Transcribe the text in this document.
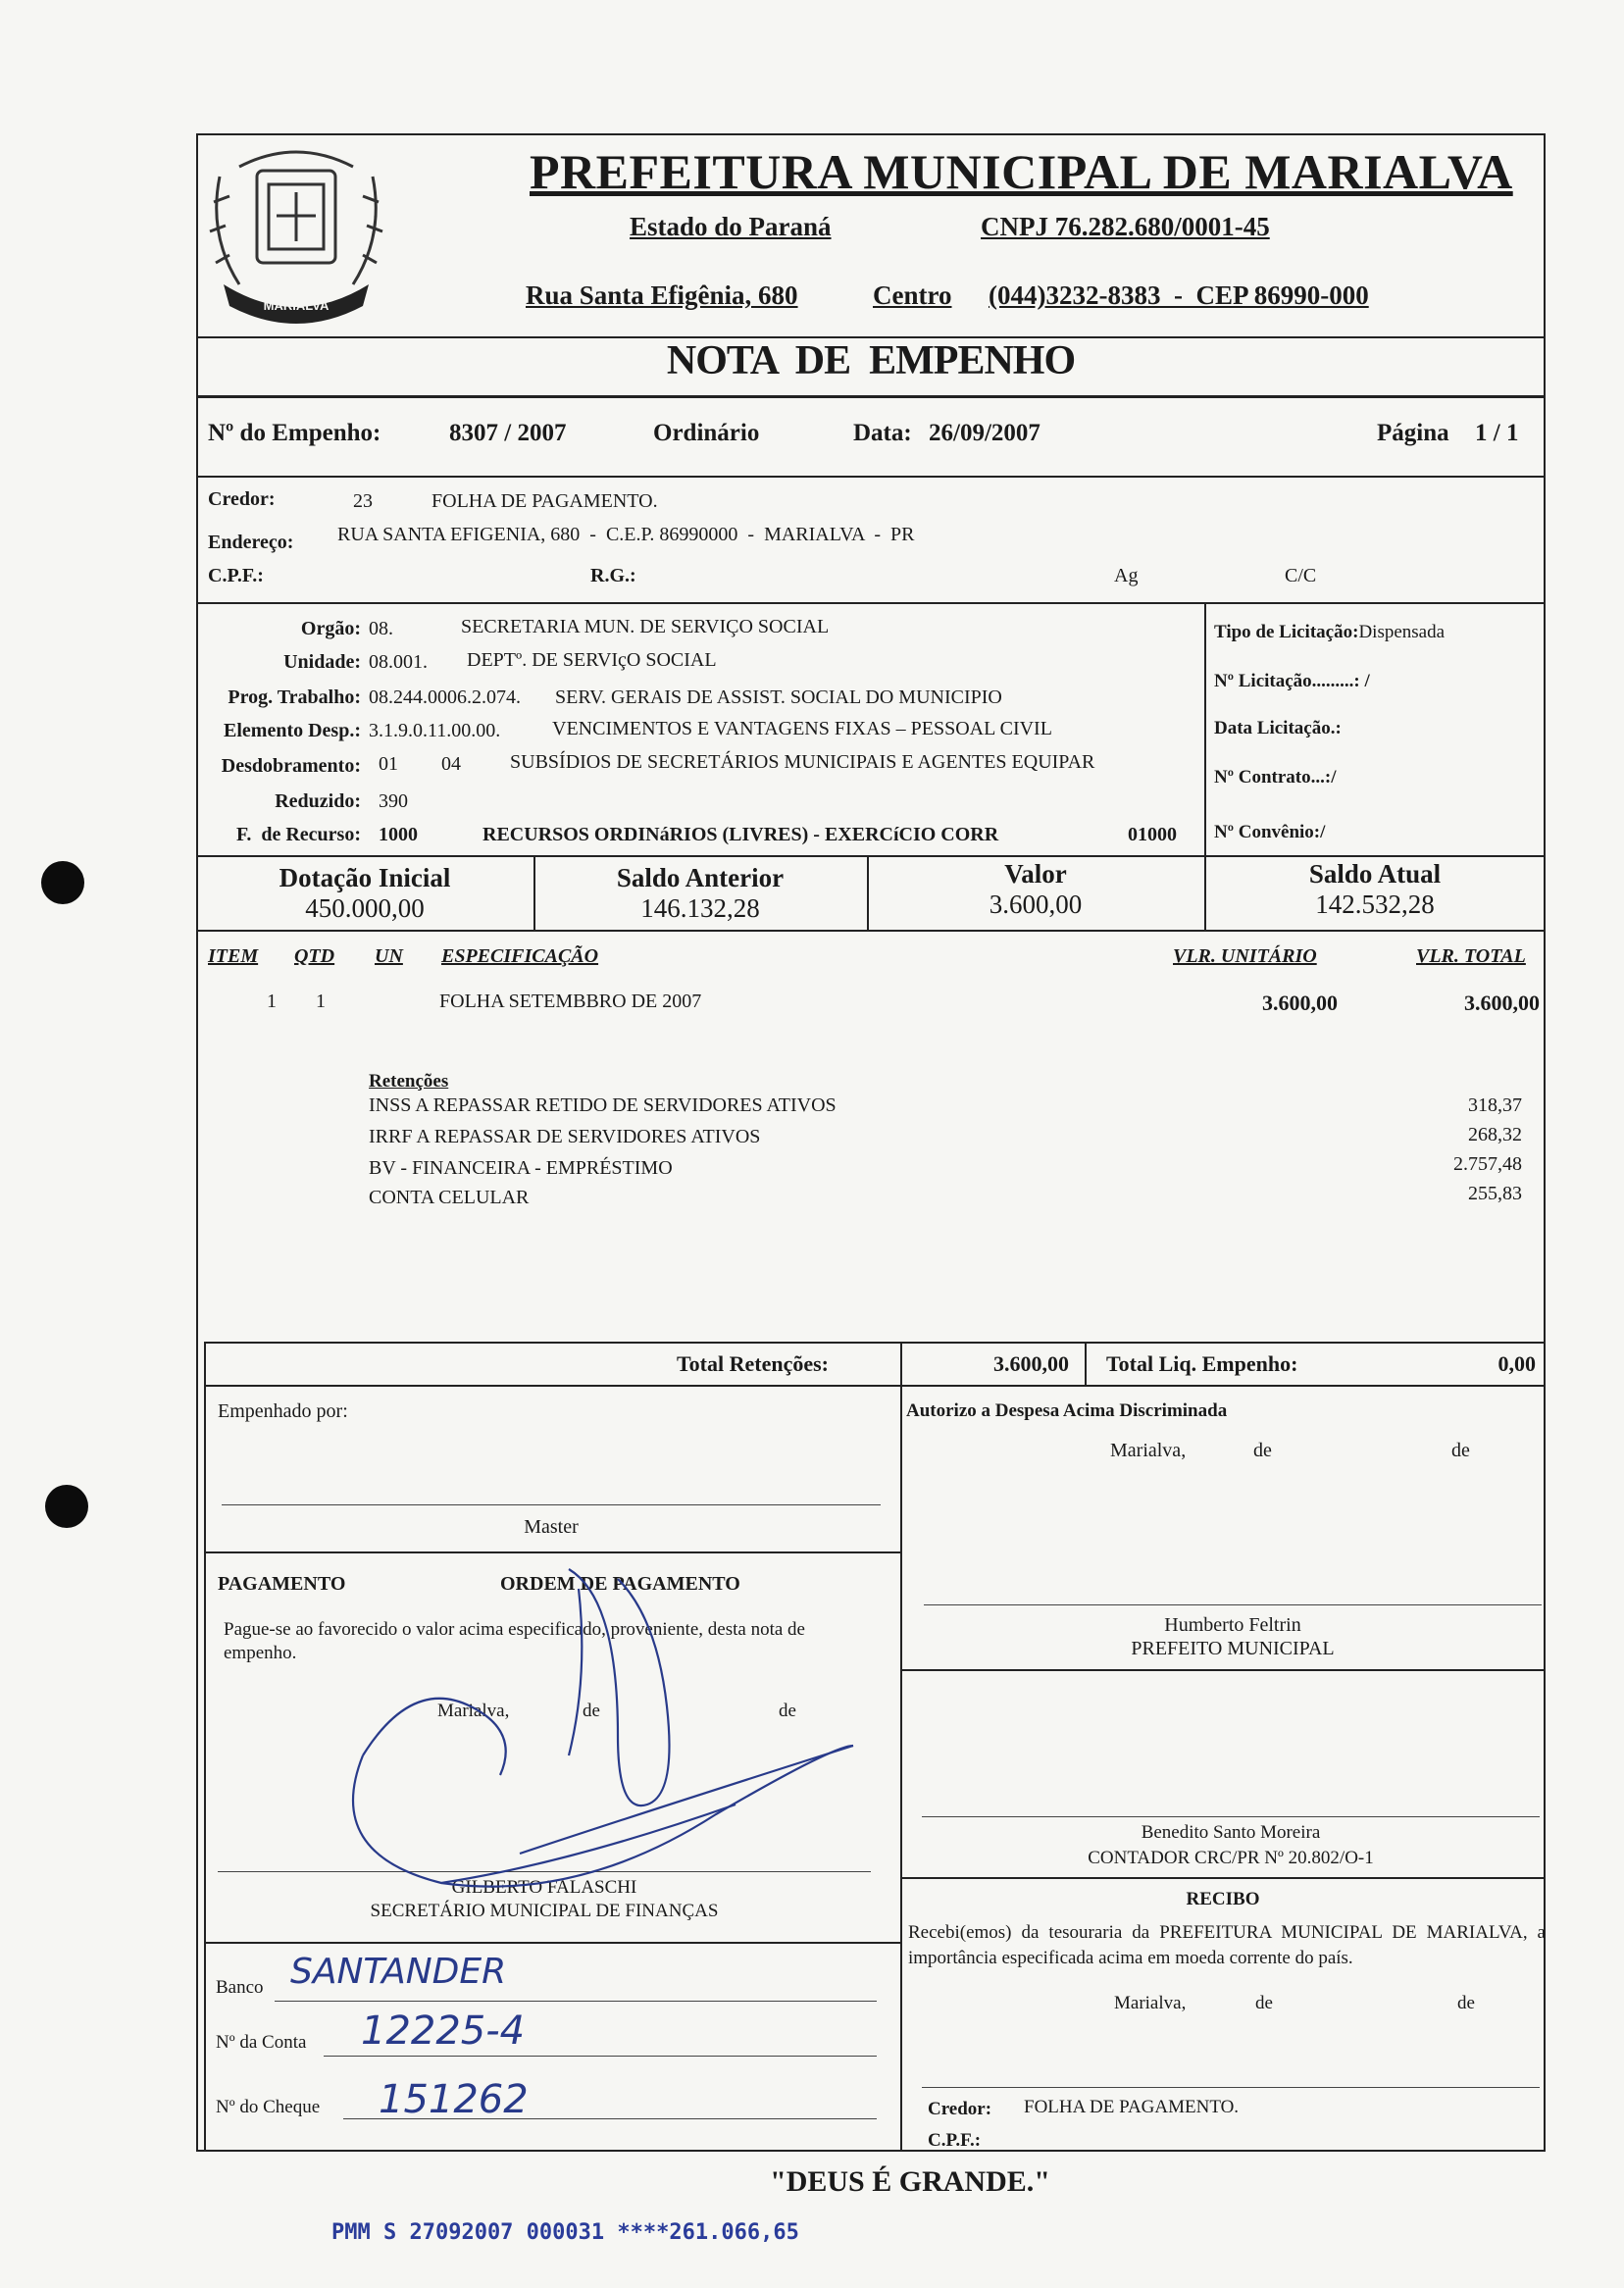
MARIALVA
PREFEITURA MUNICIPAL DE MARIALVA
Estado do Paraná	CNPJ 76.282.680/0001-45
Rua Santa Efigênia, 680	Centro (044)3232-8383  -  CEP 86990-000
NOTA  DE  EMPENHO
Nº do Empenho:	8307 / 2007	Ordinário	Data: 26/09/2007	Página 1 / 1
Credor:	23	FOLHA DE PAGAMENTO.
Endereço: RUA SANTA EFIGENIA, 680  -  C.E.P. 86990000  -  MARIALVA  -  PR
C.P.F.:	R.G.:	Ag	C/C
Orgão: 08.	SECRETARIA MUN. DE SERVIÇO SOCIAL
Unidade: 08.001. DEPTº. DE SERVIçO SOCIAL
Prog. Trabalho: 08.244.0006.2.074. SERV. GERAIS DE ASSIST. SOCIAL DO MUNICIPIO
Elemento Desp.: 3.1.9.0.11.00.00.	VENCIMENTOS E VANTAGENS FIXAS – PESSOAL CIVIL
Desdobramento: 01 04	SUBSÍDIOS DE SECRETÁRIOS MUNICIPAIS E AGENTES EQUIPAR
Reduzido: 390
F.  de Recurso: 1000	RECURSOS ORDINáRIOS (LIVRES) - EXERCíCIO CORR	01000
Tipo de Licitação:Dispensada
Nº Licitação.........: /
Data Licitação.:
Nº Contrato...:/
Nº Convênio:/
Dotação Inicial
450.000,00
Saldo Anterior
146.132,28
Valor
3.600,00
Saldo Atual
142.532,28
ITEM QTD UN ESPECIFICAÇÃO	VLR. UNITÁRIO	VLR. TOTAL
1 1	FOLHA SETEMBBRO DE 2007	3.600,00	3.600,00
Retenções
INSS A REPASSAR RETIDO DE SERVIDORES ATIVOS	318,37
IRRF A REPASSAR DE SERVIDORES ATIVOS	268,32
BV - FINANCEIRA - EMPRÉSTIMO	2.757,48
CONTA CELULAR	255,83
Total Retenções:	3.600,00 Total Liq. Empenho:	0,00
Empenhado por:
Master
Autorizo a Despesa Acima Discriminada
Marialva,	de	de
Humberto Feltrin
PREFEITO MUNICIPAL
PAGAMENTO	ORDEM DE PAGAMENTO
Pague-se ao favorecido o valor acima especificado, proveniente, desta nota de empenho.
Marialva,	de	de
GILBERTO FALASCHI
SECRETÁRIO MUNICIPAL DE FINANÇAS
Benedito Santo Moreira
CONTADOR CRC/PR Nº 20.802/O-1
RECIBO
Recebi(emos) da tesouraria da PREFEITURA MUNICIPAL DE MARIALVA, a importância especificada acima em moeda corrente do país.
Marialva,	de	de
Credor: FOLHA DE PAGAMENTO.
C.P.F.:
Banco SANTANDER
Nº da Conta 12225-4
Nº do Cheque 151262
"DEUS É GRANDE."
PMM S 27092007 000031 ****261.066,65
